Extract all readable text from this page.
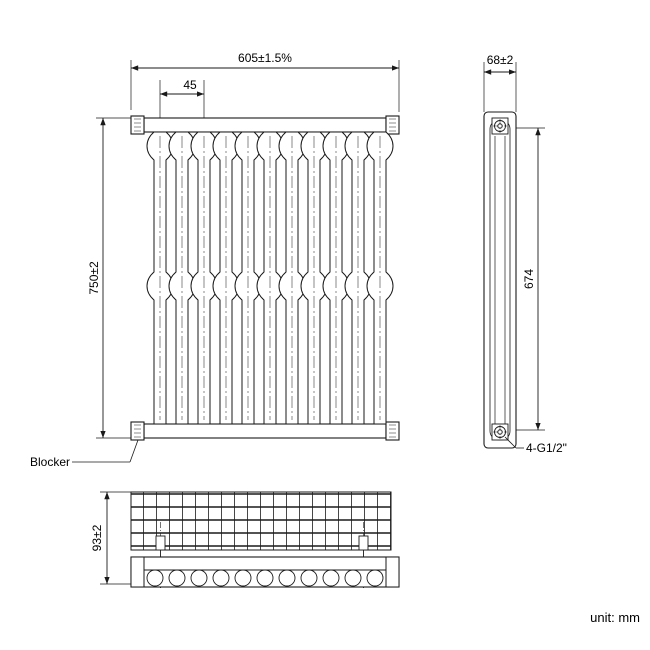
605±1.5%
45
750±2
Blocker
68±2
674
4-G1/2"
93±2
unit: mm
